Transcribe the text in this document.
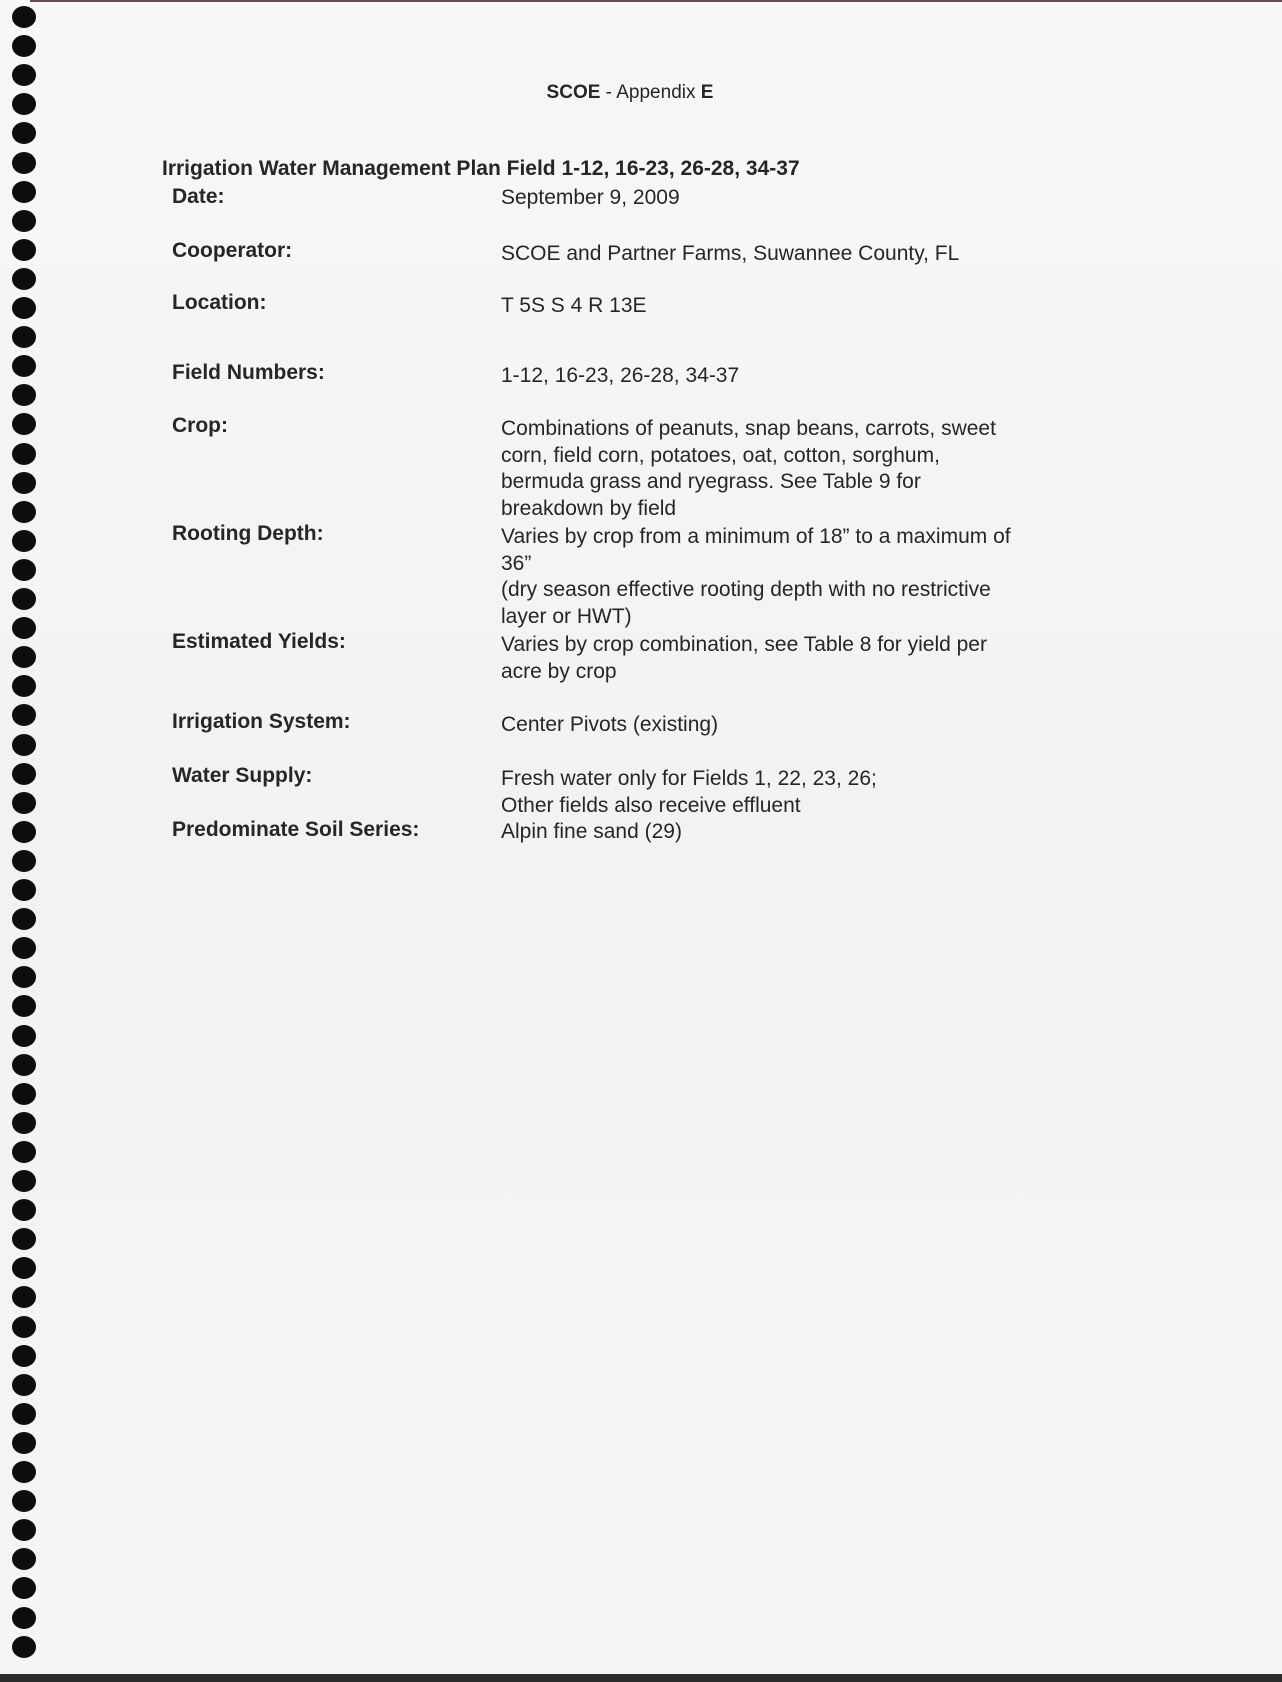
SCOE - Appendix E
Irrigation Water Management Plan Field 1-12, 16-23, 26-28, 34-37
Date:	September 9, 2009
Cooperator:	SCOE and Partner Farms, Suwannee County, FL
Location:	T 5S S 4 R 13E
Field Numbers:	1-12, 16-23, 26-28, 34-37
Crop:	Combinations of peanuts, snap beans, carrots, sweet
corn, field corn, potatoes, oat, cotton, sorghum,
bermuda grass and ryegrass. See Table 9 for
breakdown by field
Rooting Depth:	Varies by crop from a minimum of 18” to a maximum of
36”
(dry season effective rooting depth with no restrictive
layer or HWT)
Estimated Yields:	Varies by crop combination, see Table 8 for yield per
acre by crop
Irrigation System:	Center Pivots (existing)
Water Supply:	Fresh water only for Fields 1, 22, 23, 26;
Other fields also receive effluent
Predominate Soil Series:	Alpin fine sand (29)
